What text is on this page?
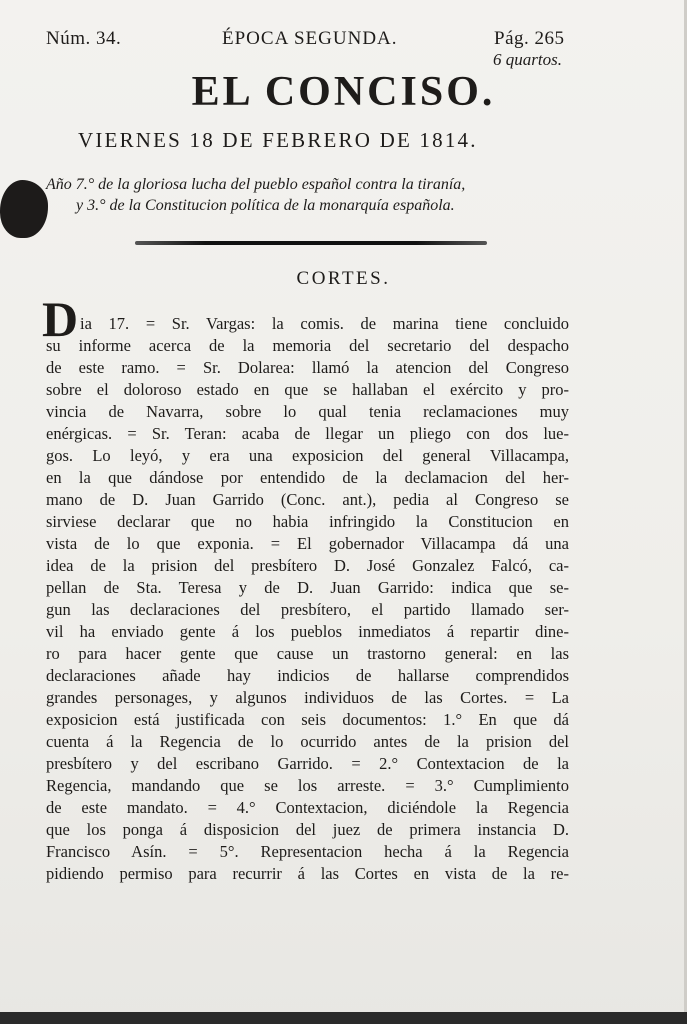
Núm. 34.	ÉPOCA SEGUNDA.	Pág. 265
6 quartos.
EL CONCISO.
VIERNES 18 DE FEBRERO DE 1814.
Año 7.° de la gloriosa lucha del pueblo español contra la tiranía,
y 3.° de la Constitucion política de la monarquía española.
CORTES.
D ia 17. = Sr. Vargas: la comis. de marina tiene concluido
su informe acerca de la memoria del secretario del despacho
de este ramo. = Sr. Dolarea: llamó la atencion del Congreso
sobre el doloroso estado en que se hallaban el exército y pro-
vincia de Navarra, sobre lo qual tenia reclamaciones muy
enérgicas. = Sr. Teran: acaba de llegar un pliego con dos lue-
gos. Lo leyó, y era una exposicion del general Villacampa,
en la que dándose por entendido de la declamacion del her-
mano de D. Juan Garrido (Conc. ant.), pedia al Congreso se
sirviese declarar que no habia infringido la Constitucion en
vista de lo que exponia. = El gobernador Villacampa dá una
idea de la prision del presbítero D. José Gonzalez Falcó, ca-
pellan de Sta. Teresa y de D. Juan Garrido: indica que se-
gun las declaraciones del presbítero, el partido llamado ser-
vil ha enviado gente á los pueblos inmediatos á repartir dine-
ro para hacer gente que cause un trastorno general: en las
declaraciones añade hay indicios de hallarse comprendidos
grandes personages, y algunos individuos de las Cortes. = La
exposicion está justificada con seis documentos: 1.° En que dá
cuenta á la Regencia de lo ocurrido antes de la prision del
presbítero y del escribano Garrido. = 2.° Contextacion de la
Regencia, mandando que se los arreste. = 3.° Cumplimiento
de este mandato. = 4.° Contextacion, diciéndole la Regencia
que los ponga á disposicion del juez de primera instancia D.
Francisco Asín. = 5°. Representacion hecha á la Regencia
pidiendo permiso para recurrir á las Cortes en vista de la re-
